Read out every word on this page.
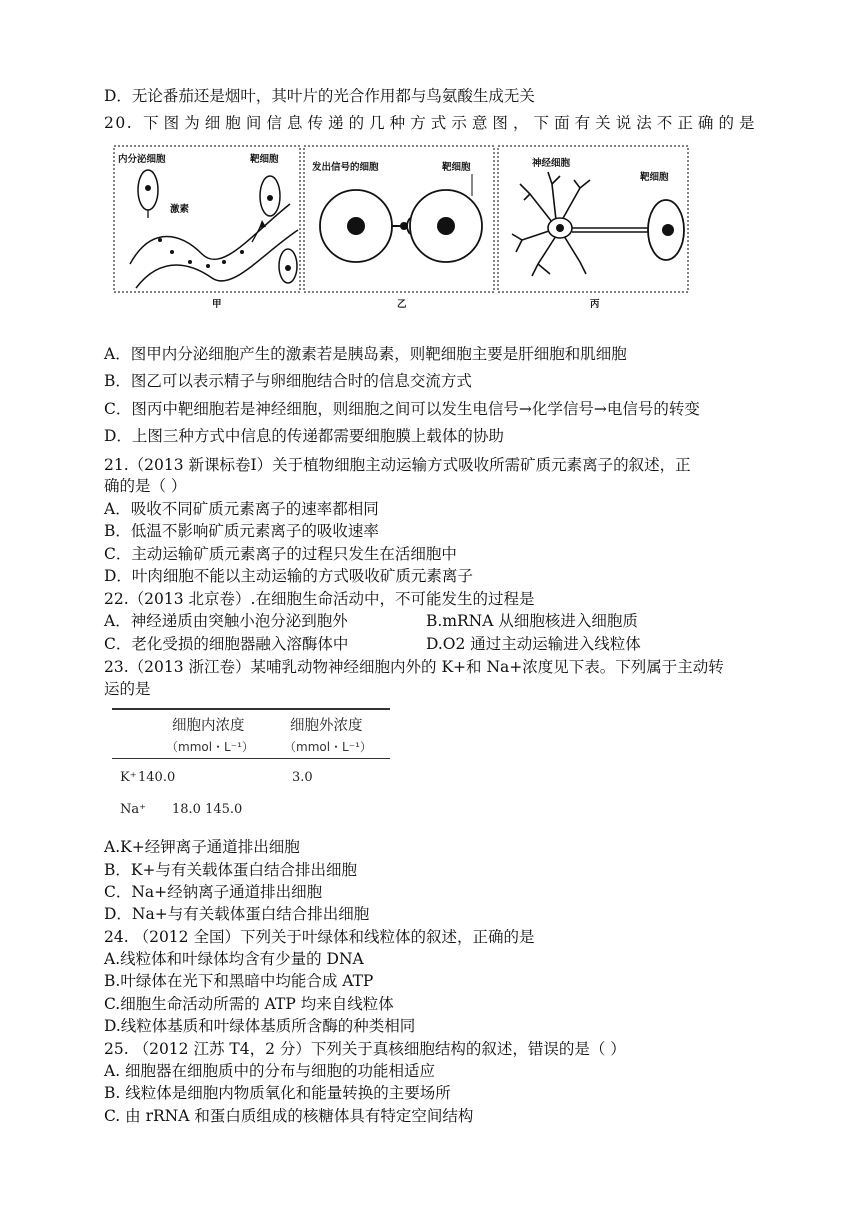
D．无论番茄还是烟叶，其叶片的光合作用都与鸟氨酸生成无关
20. 下图为细胞间信息传递的几种方式示意图，下面有关说法不正确的是
内分泌细胞	靶细胞
激素
甲
发出信号的细胞	靶细胞
乙
神经细胞
靶细胞
丙
A．图甲内分泌细胞产生的激素若是胰岛素，则靶细胞主要是肝细胞和肌细胞
B．图乙可以表示精子与卵细胞结合时的信息交流方式
C．图丙中靶细胞若是神经细胞，则细胞之间可以发生电信号→化学信号→电信号的转变
D．上图三种方式中信息的传递都需要细胞膜上载体的协助
21.（2013 新课标卷Ⅰ）关于植物细胞主动运输方式吸收所需矿质元素离子的叙述，正
确的是（ ）
A．吸收不同矿质元素离子的速率都相同
B．低温不影响矿质元素离子的吸收速率
C．主动运输矿质元素离子的过程只发生在活细胞中
D．叶肉细胞不能以主动运输的方式吸收矿质元素离子
22.（2013 北京卷）.在细胞生命活动中，不可能发生的过程是
A．神经递质由突触小泡分泌到胞外	B.mRNA 从细胞核进入细胞质
C．老化受损的细胞器融入溶酶体中	D.O2 通过主动运输进入线粒体
23.（2013 浙江卷）某哺乳动物神经细胞内外的 K+和 Na+浓度见下表。下列属于主动转
运的是
细胞内浓度	细胞外浓度
（mmol・L⁻¹）	（mmol・L⁻¹）
K⁺ 140.0	3.0
Na⁺ 18.0 145.0
A.K+经钾离子通道排出细胞
B．K+与有关载体蛋白结合排出细胞
C．Na+经钠离子通道排出细胞
D．Na+与有关载体蛋白结合排出细胞
24. （2012 全国）下列关于叶绿体和线粒体的叙述，正确的是
A.线粒体和叶绿体均含有少量的 DNA
B.叶绿体在光下和黑暗中均能合成 ATP
C.细胞生命活动所需的 ATP 均来自线粒体
D.线粒体基质和叶绿体基质所含酶的种类相同
25. （2012 江苏 T4，2 分）下列关于真核细胞结构的叙述，错误的是（ ）
A. 细胞器在细胞质中的分布与细胞的功能相适应
B. 线粒体是细胞内物质氧化和能量转换的主要场所
C. 由 rRNA 和蛋白质组成的核糖体具有特定空间结构
